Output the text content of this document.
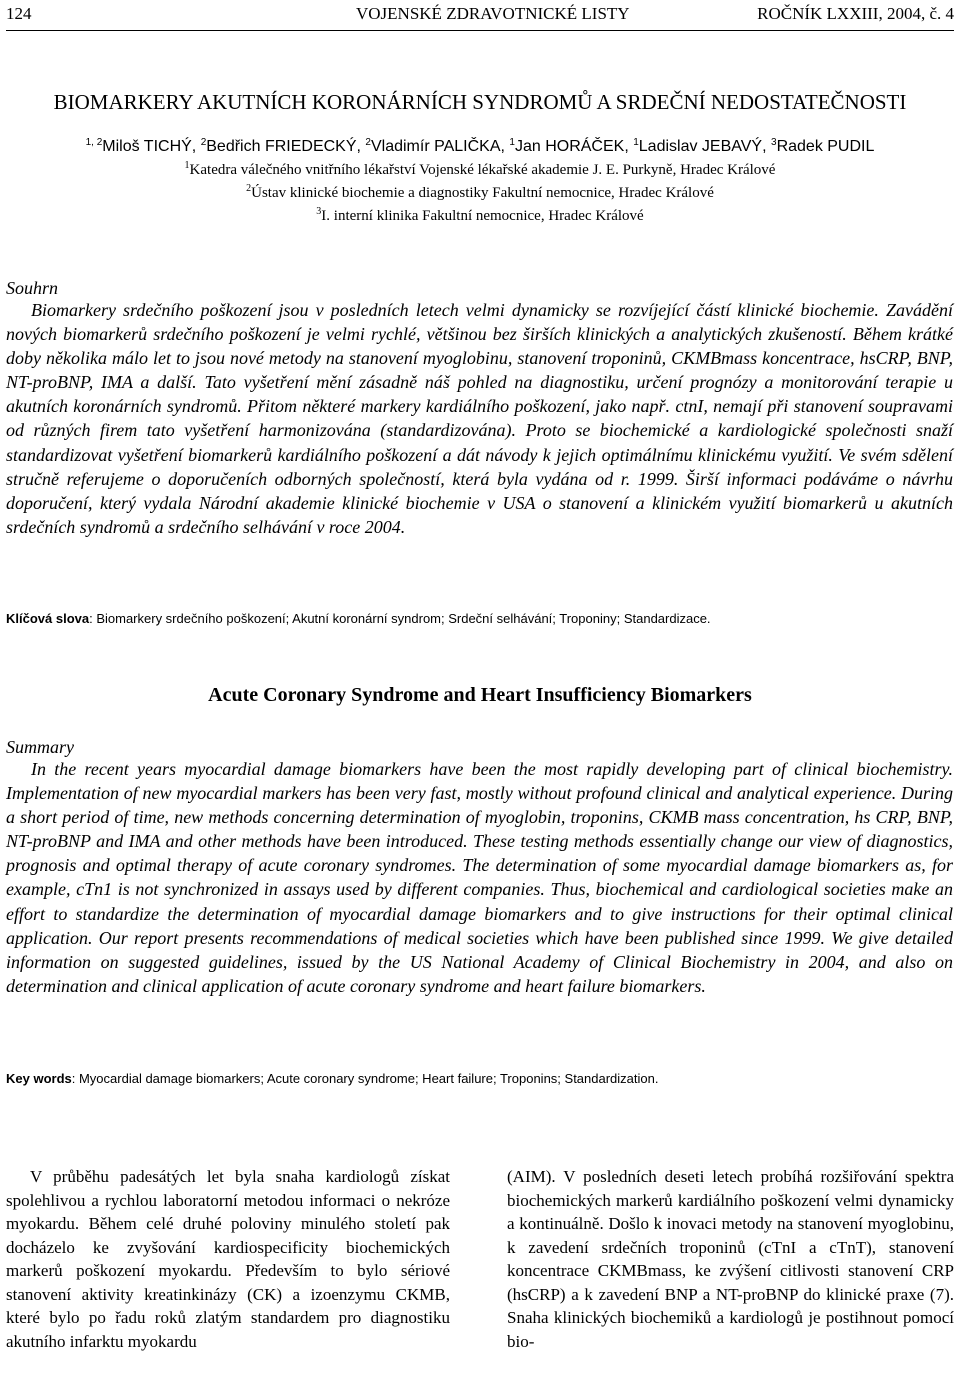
124	VOJENSKÉ ZDRAVOTNICKÉ LISTY	ROČNÍK LXXIII, 2004, č. 4
BIOMARKERY AKUTNÍCH KORONÁRNÍCH SYNDROMŮ A SRDEČNÍ NEDOSTATEČNOSTI
$^{1, 2}$Miloš TICHÝ, $^2$Bedřich FRIEDECKÝ, $^2$Vladimír PALIČKA, $^1$Jan HORÁČEK, $^1$Ladislav JEBAVÝ, $^3$Radek PUDIL
$^1$Katedra válečného vnitřního lékařství Vojenské lékařské akademie J. E. Purkyně, Hradec Králové
$^2$Ústav klinické biochemie a diagnostiky Fakultní nemocnice, Hradec Králové
$^3$I. interní klinika Fakultní nemocnice, Hradec Králové
Souhrn

Biomarkery srdečního poškození jsou v posledních letech velmi dynamicky se rozvíjející částí klinické biochemie. Zavádění nových biomarkerů srdečního poškození je velmi rychlé, většinou bez širších klinických a analytických zkušeností. Během krátké doby několika málo let to jsou nové metody na stanovení myoglobinu, stanovení troponinů, CKMBmass koncentrace, hsCRP, BNP, NT-proBNP, IMA a další. Tato vyšetření mění zásadně náš pohled na diagnostiku, určení prognózy a monitorování terapie u akutních koronárních syndromů. Přitom některé markery kardiálního poškození, jako např. ctnI, nemají při stanovení soupravami od různých firem tato vyšetření harmonizována (standardizována). Proto se biochemické a kardiologické společnosti snaží standardizovat vyšetření biomarkerů kardiálního poškození a dát návody k jejich optimálnímu klinickému využití. Ve svém sdělení stručně referujeme o doporučeních odborných společností, která byla vydána od r. 1999. Širší informaci podáváme o návrhu doporučení, který vydala Národní akademie klinické biochemie v USA o stanovení a klinickém využití biomarkerů u akutních srdečních syndromů a srdečního selhávání v roce 2004.

Klíčová slova: Biomarkery srdečního poškození; Akutní koronární syndrom; Srdeční selhávání; Troponiny; Standardizace.
Acute Coronary Syndrome and Heart Insufficiency Biomarkers
Summary

In the recent years myocardial damage biomarkers have been the most rapidly developing part of clinical biochemistry. Implementation of new myocardial markers has been very fast, mostly without profound clinical and analytical experience. During a short period of time, new methods concerning determination of myoglobin, troponins, CKMB mass concentration, hs CRP, BNP, NT-proBNP and IMA and other methods have been introduced. These testing methods essentially change our view of diagnostics, prognosis and optimal therapy of acute coronary syndromes. The determination of some myocardial damage biomarkers as, for example, cTn1 is not synchronized in assays used by different companies. Thus, biochemical and cardiological societies make an effort to standardize the determination of myocardial damage biomarkers and to give instructions for their optimal clinical application. Our report presents recommendations of medical societies which have been published since 1999. We give detailed information on suggested guidelines, issued by the US National Academy of Clinical Biochemistry in 2004, and also on determination and clinical application of acute coronary syndrome and heart failure biomarkers.

Key words: Myocardial damage biomarkers; Acute coronary syndrome; Heart failure; Troponins; Standardization.

V průběhu padesátých let byla snaha kardiologů získat spolehlivou a rychlou laboratorní metodou informaci o nekróze myokardu. Během celé druhé poloviny minulého století pak docházelo ke zvyšování kardiospecificity biochemických markerů poškození myokardu. Především to bylo sériové stanovení aktivity kreatinkinázy (CK) a izoenzymu CKMB, které bylo po řadu roků zlatým standardem pro diagnostiku akutního infarktu myokardu

(AIM). V posledních deseti letech probíhá rozšiřování spektra biochemických markerů kardiálního poškození velmi dynamicky a kontinuálně. Došlo k inovaci metody na stanovení myoglobinu, k zavedení srdečních troponinů (cTnI a cTnT), stanovení koncentrace CKMBmass, ke zvýšení citlivosti stanovení CRP (hsCRP) a k zavedení BNP a NT-proBNP do klinické praxe (7). Snaha klinických biochemiků a kardiologů je postihnout pomocí bio-
